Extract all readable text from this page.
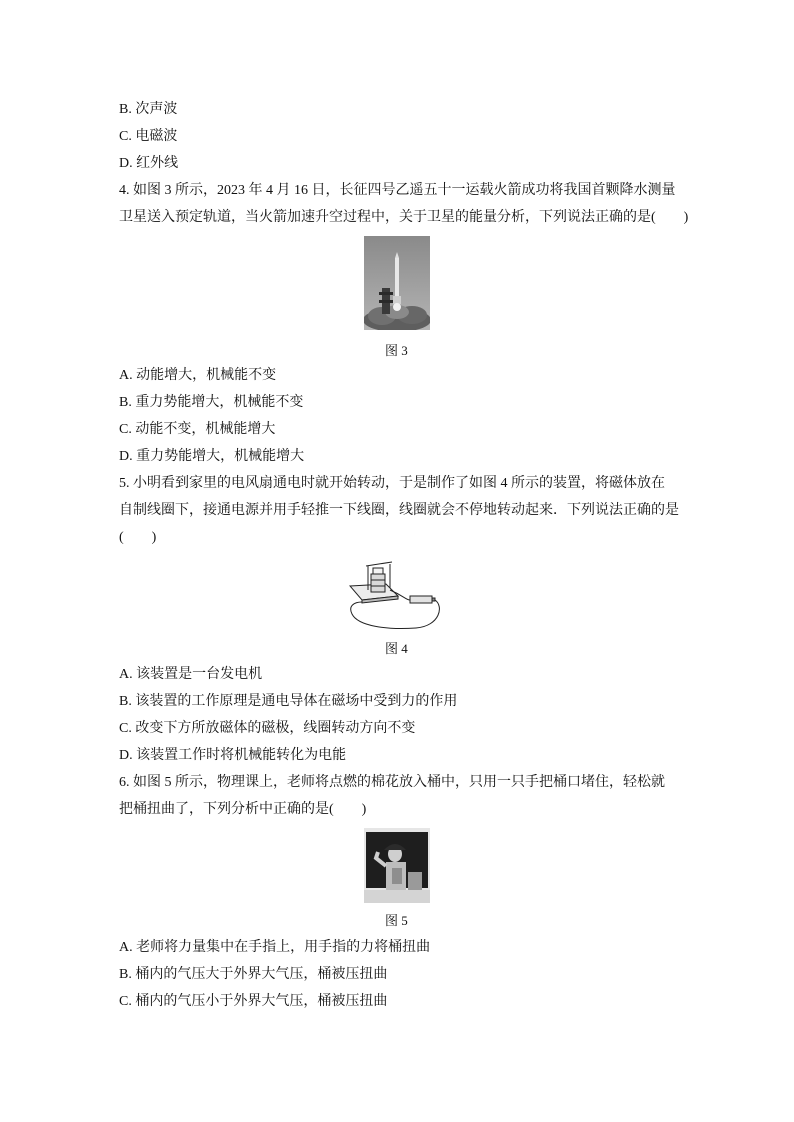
B. 次声波
C. 电磁波
D. 红外线
4. 如图 3 所示，2023 年 4 月 16 日，长征四号乙遥五十一运载火箭成功将我国首颗降水测量
卫星送入预定轨道，当火箭加速升空过程中，关于卫星的能量分析，下列说法正确的是(　　)
图 3
A. 动能增大，机械能不变
B. 重力势能增大，机械能不变
C. 动能不变，机械能增大
D. 重力势能增大，机械能增大
5. 小明看到家里的电风扇通电时就开始转动，于是制作了如图 4 所示的装置，将磁体放在
自制线圈下，接通电源并用手轻推一下线圈，线圈就会不停地转动起来．下列说法正确的是
(　　)
图 4
A. 该装置是一台发电机
B. 该装置的工作原理是通电导体在磁场中受到力的作用
C. 改变下方所放磁体的磁极，线圈转动方向不变
D. 该装置工作时将机械能转化为电能
6. 如图 5 所示，物理课上，老师将点燃的棉花放入桶中，只用一只手把桶口堵住，轻松就
把桶扭曲了，下列分析中正确的是(　　)
图 5
A. 老师将力量集中在手指上，用手指的力将桶扭曲
B. 桶内的气压大于外界大气压，桶被压扭曲
C. 桶内的气压小于外界大气压，桶被压扭曲
